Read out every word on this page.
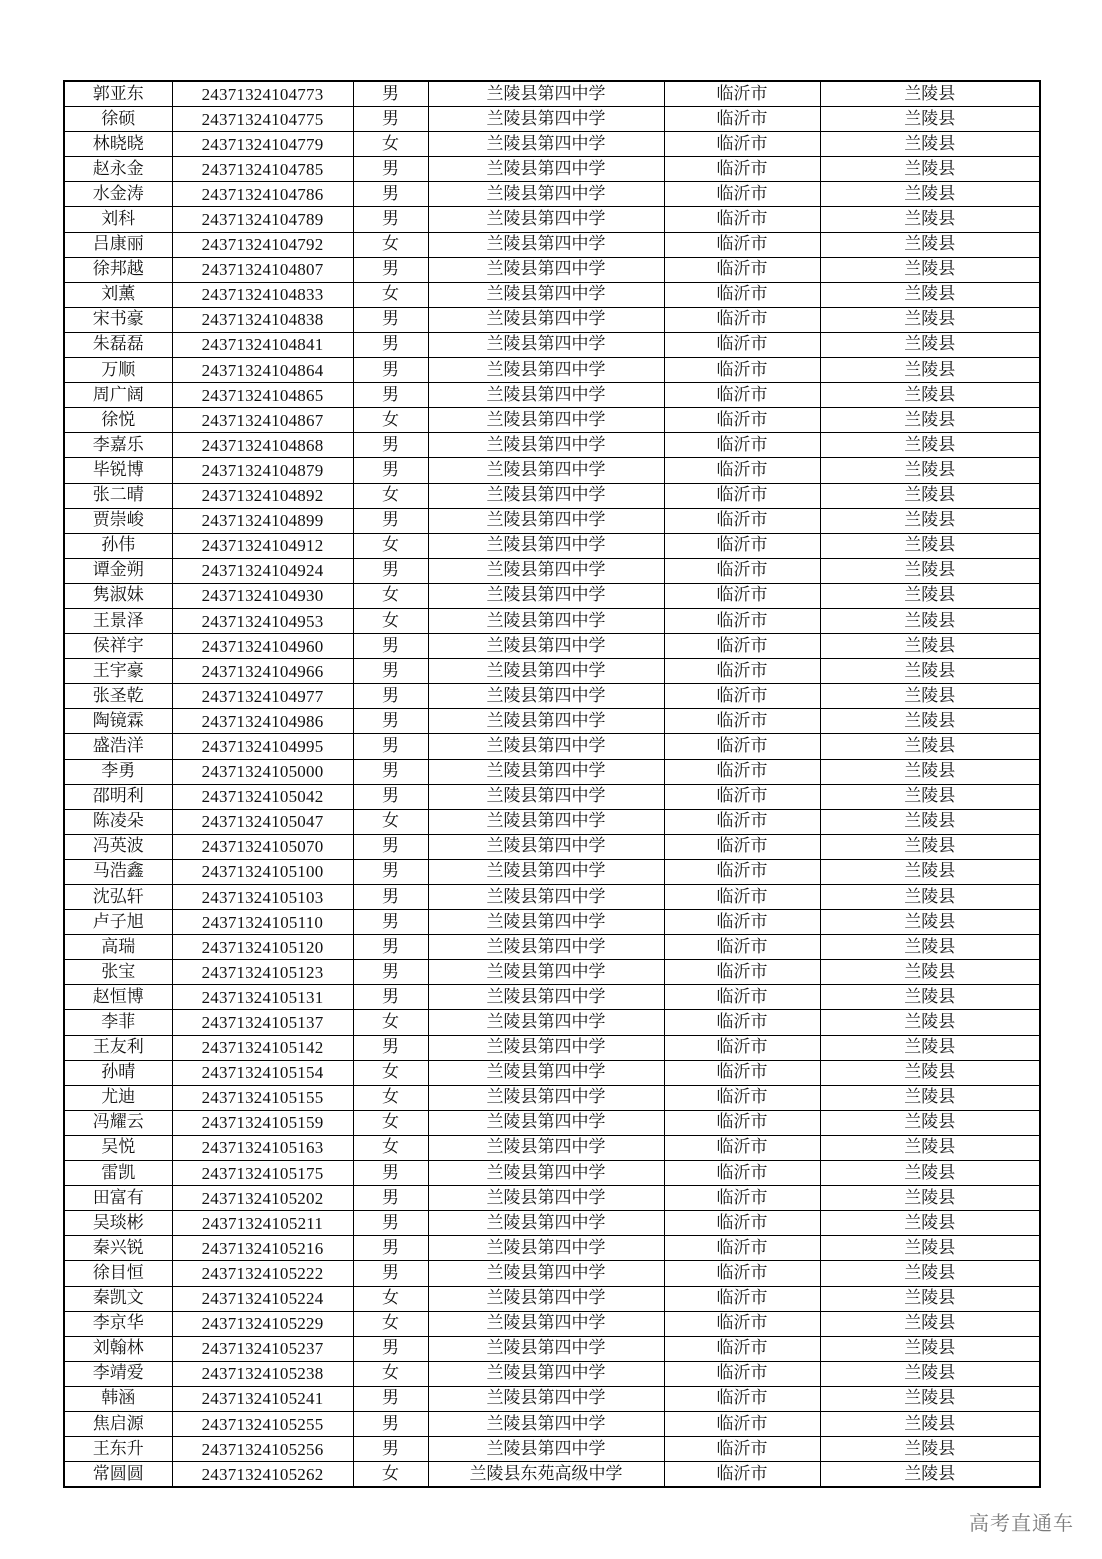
郭亚东	24371324104773	男	兰陵县第四中学	临沂市	兰陵县
徐硕	24371324104775	男	兰陵县第四中学	临沂市	兰陵县
林晓晓	24371324104779	女	兰陵县第四中学	临沂市	兰陵县
赵永金	24371324104785	男	兰陵县第四中学	临沂市	兰陵县
水金涛	24371324104786	男	兰陵县第四中学	临沂市	兰陵县
刘科	24371324104789	男	兰陵县第四中学	临沂市	兰陵县
吕康丽	24371324104792	女	兰陵县第四中学	临沂市	兰陵县
徐邦越	24371324104807	男	兰陵县第四中学	临沂市	兰陵县
刘薰	24371324104833	女	兰陵县第四中学	临沂市	兰陵县
宋书豪	24371324104838	男	兰陵县第四中学	临沂市	兰陵县
朱磊磊	24371324104841	男	兰陵县第四中学	临沂市	兰陵县
万顺	24371324104864	男	兰陵县第四中学	临沂市	兰陵县
周广阔	24371324104865	男	兰陵县第四中学	临沂市	兰陵县
徐悦	24371324104867	女	兰陵县第四中学	临沂市	兰陵县
李嘉乐	24371324104868	男	兰陵县第四中学	临沂市	兰陵县
毕锐博	24371324104879	男	兰陵县第四中学	临沂市	兰陵县
张二晴	24371324104892	女	兰陵县第四中学	临沂市	兰陵县
贾崇峻	24371324104899	男	兰陵县第四中学	临沂市	兰陵县
孙伟	24371324104912	女	兰陵县第四中学	临沂市	兰陵县
谭金朔	24371324104924	男	兰陵县第四中学	临沂市	兰陵县
隽淑妹	24371324104930	女	兰陵县第四中学	临沂市	兰陵县
王景泽	24371324104953	女	兰陵县第四中学	临沂市	兰陵县
侯祥宇	24371324104960	男	兰陵县第四中学	临沂市	兰陵县
王宇豪	24371324104966	男	兰陵县第四中学	临沂市	兰陵县
张圣乾	24371324104977	男	兰陵县第四中学	临沂市	兰陵县
陶镜霖	24371324104986	男	兰陵县第四中学	临沂市	兰陵县
盛浩洋	24371324104995	男	兰陵县第四中学	临沂市	兰陵县
李勇	24371324105000	男	兰陵县第四中学	临沂市	兰陵县
邵明利	24371324105042	男	兰陵县第四中学	临沂市	兰陵县
陈凌朵	24371324105047	女	兰陵县第四中学	临沂市	兰陵县
冯英波	24371324105070	男	兰陵县第四中学	临沂市	兰陵县
马浩鑫	24371324105100	男	兰陵县第四中学	临沂市	兰陵县
沈弘轩	24371324105103	男	兰陵县第四中学	临沂市	兰陵县
卢子旭	24371324105110	男	兰陵县第四中学	临沂市	兰陵县
高瑞	24371324105120	男	兰陵县第四中学	临沂市	兰陵县
张宝	24371324105123	男	兰陵县第四中学	临沂市	兰陵县
赵恒博	24371324105131	男	兰陵县第四中学	临沂市	兰陵县
李菲	24371324105137	女	兰陵县第四中学	临沂市	兰陵县
王友利	24371324105142	男	兰陵县第四中学	临沂市	兰陵县
孙晴	24371324105154	女	兰陵县第四中学	临沂市	兰陵县
尤迪	24371324105155	女	兰陵县第四中学	临沂市	兰陵县
冯耀云	24371324105159	女	兰陵县第四中学	临沂市	兰陵县
吴悦	24371324105163	女	兰陵县第四中学	临沂市	兰陵县
雷凯	24371324105175	男	兰陵县第四中学	临沂市	兰陵县
田富有	24371324105202	男	兰陵县第四中学	临沂市	兰陵县
吴琰彬	24371324105211	男	兰陵县第四中学	临沂市	兰陵县
秦兴锐	24371324105216	男	兰陵县第四中学	临沂市	兰陵县
徐目恒	24371324105222	男	兰陵县第四中学	临沂市	兰陵县
秦凯文	24371324105224	女	兰陵县第四中学	临沂市	兰陵县
李京华	24371324105229	女	兰陵县第四中学	临沂市	兰陵县
刘翰林	24371324105237	男	兰陵县第四中学	临沂市	兰陵县
李靖爱	24371324105238	女	兰陵县第四中学	临沂市	兰陵县
韩涵	24371324105241	男	兰陵县第四中学	临沂市	兰陵县
焦启源	24371324105255	男	兰陵县第四中学	临沂市	兰陵县
王东升	24371324105256	男	兰陵县第四中学	临沂市	兰陵县
常圆圆	24371324105262	女	兰陵县东苑高级中学	临沂市	兰陵县
高考直通车
